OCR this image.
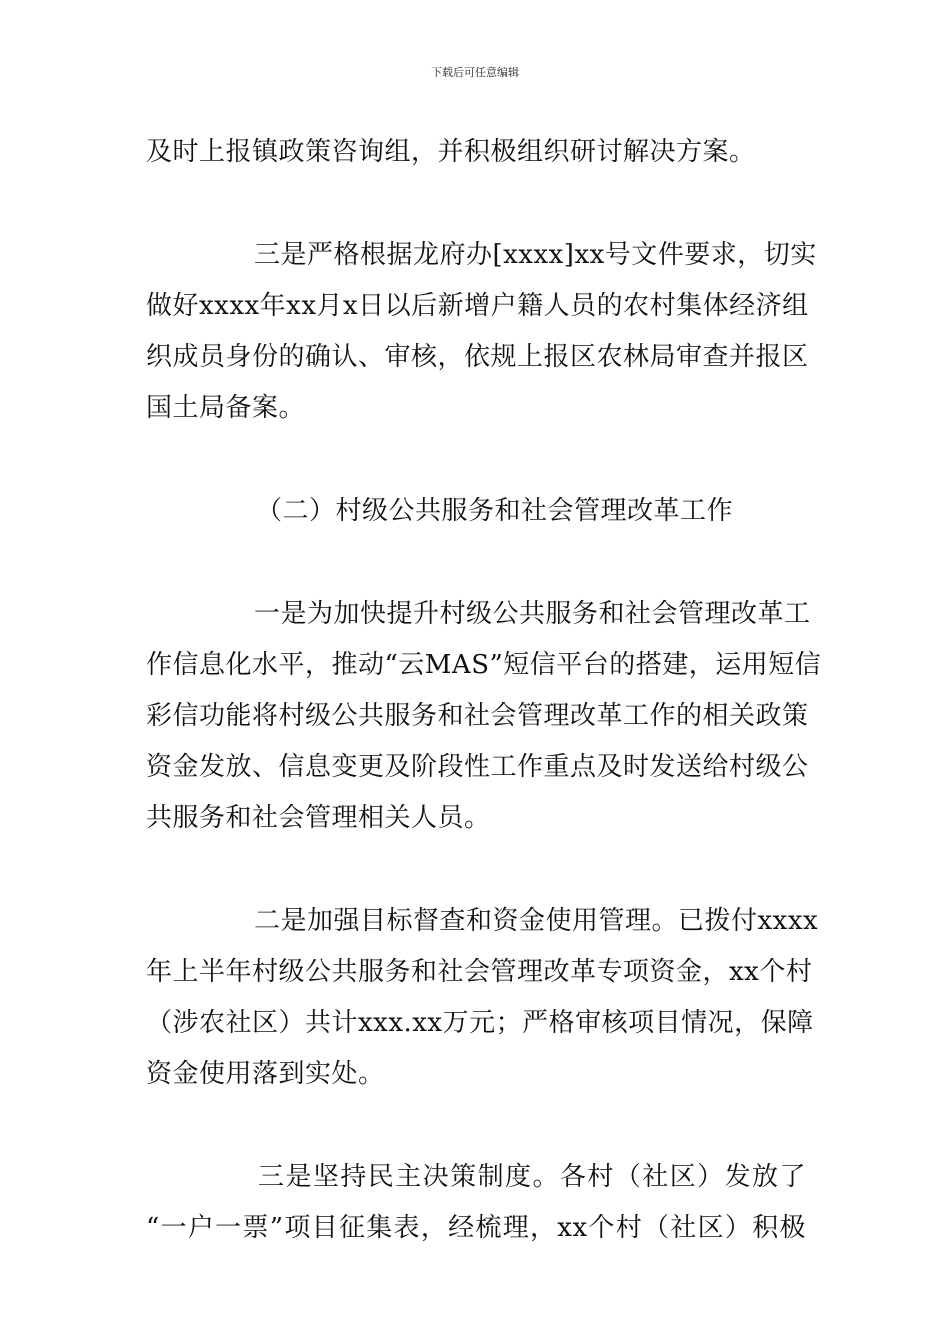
下载后可任意编辑
及时上报镇政策咨询组，并积极组织研讨解决方案。
三是严格根据龙府办[xxxx]xx号文件要求，切实
做好xxxx年xx月x日以后新增户籍人员的农村集体经济组
织成员身份的确认、审核，依规上报区农林局审查并报区
国土局备案。
（二）村级公共服务和社会管理改革工作
一是为加快提升村级公共服务和社会管理改革工
作信息化水平，推动“云MAS”短信平台的搭建，运用短信
彩信功能将村级公共服务和社会管理改革工作的相关政策
资金发放、信息变更及阶段性工作重点及时发送给村级公
共服务和社会管理相关人员。
二是加强目标督查和资金使用管理。已拨付xxxx
年上半年村级公共服务和社会管理改革专项资金，xx个村
（涉农社区）共计xxx.xx万元；严格审核项目情况，保障
资金使用落到实处。
三是坚持民主决策制度。各村（社区）发放了
“一户一票”项目征集表，经梳理，xx个村（社区）积极
